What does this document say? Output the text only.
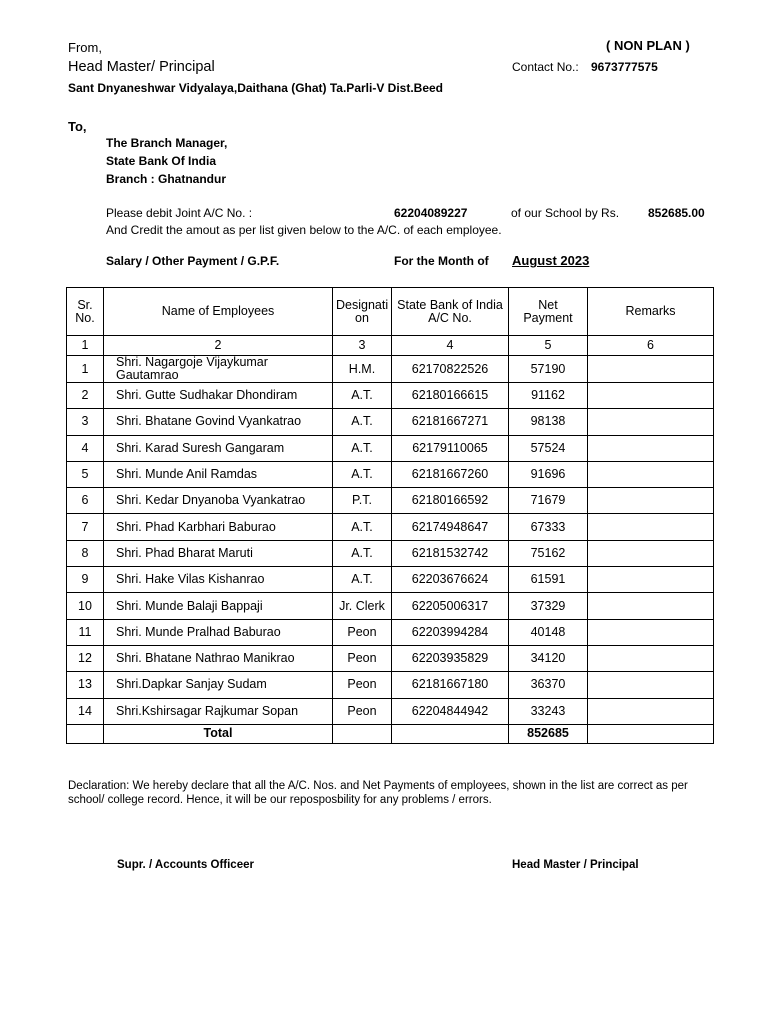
From,	( NON PLAN )
Head Master/ Principal	Contact No.: 9673777575
Sant Dnyaneshwar Vidyalaya,Daithana (Ghat) Ta.Parli-V Dist.Beed
To,
The Branch Manager,
State Bank Of India
Branch : Ghatnandur
Please debit Joint A/C No. :	62204089227	of our School by Rs. 852685.00
And Credit the amout as per list given below to the A/C. of each employee.
Salary / Other Payment / G.P.F.	For the Month of August 2023
Sr. No.	Name of Employees	Designati on	State Bank of India A/C No.	Net Payment	Remarks
1	2	3	4	5	6
1	Shri. Nagargoje Vijaykumar Gautamrao	H.M.	62170822526	57190	
2	Shri. Gutte Sudhakar Dhondiram	A.T.	62180166615	91162	
3	Shri. Bhatane Govind Vyankatrao	A.T.	62181667271	98138	
4	Shri. Karad Suresh Gangaram	A.T.	62179110065	57524	
5	Shri. Munde Anil Ramdas	A.T.	62181667260	91696	
6	Shri. Kedar Dnyanoba Vyankatrao	P.T.	62180166592	71679	
7	Shri. Phad Karbhari Baburao	A.T.	62174948647	67333	
8	Shri. Phad Bharat Maruti	A.T.	62181532742	75162	
9	Shri. Hake Vilas Kishanrao	A.T.	62203676624	61591	
10	Shri. Munde Balaji Bappaji	Jr. Clerk	62205006317	37329	
11	Shri. Munde Pralhad Baburao	Peon	62203994284	40148	
12	Shri. Bhatane Nathrao Manikrao	Peon	62203935829	34120	
13	Shri.Dapkar Sanjay Sudam	Peon	62181667180	36370	
14	Shri.Kshirsagar Rajkumar Sopan	Peon	62204844942	33243	
	Total			852685	
Declaration: We hereby declare that all the A/C. Nos. and Net Payments of employees, shown in the list are correct as per school/ college record. Hence, it will be our reposposbility for any problems / errors.
Supr. / Accounts Officeer	Head Master / Principal
